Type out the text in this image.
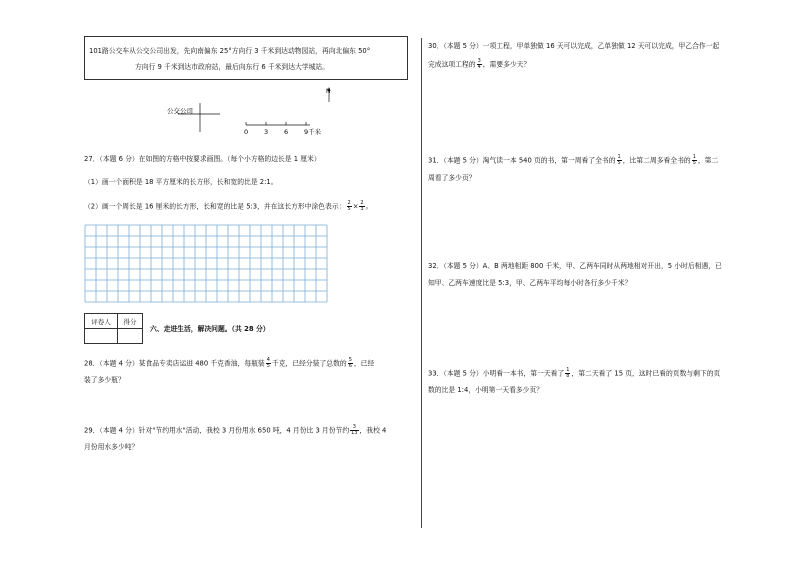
101路公交车从公交公司出发，先向南偏东 25°方向行 3 千米到达动物园站，再向北偏东 50°
方向行 9 千米到达市政府站，最后向东行 6 千米到达大学城站。
N
公交公司
0 3 6 9千米
27．（本题 6 分）在如图的方格中按要求画图。（每个小方格的边长是 1 厘米）
（1）画一个面积是 18 平方厘米的长方形，长和宽的比是 2:1。
（2）画一个周长是 16 厘米的长方形，长和宽的比是 5:3，并在这长方形中涂色表示： $\frac{2}{5} \times \frac{2}{3}$ 。
评卷人	得分

六、走进生活，解决问题。（共 28 分）
28．（本题 4 分）某食品专卖店运进 480 千克香油，每瓶装 $\frac{4}{5}$ 千克，已经分装了总数的 $\frac{5}{6}$ ，已经
装了多少瓶？
29．（本题 4 分）针对"节约用水"活动，我校 3 月份用水 650 吨，4 月份比 3 月份节约 $\frac{3}{13}$ ，我校 4
月份用水多少吨？
30．（本题 5 分）一项工程，甲单独做 16 天可以完成，乙单独做 12 天可以完成，甲乙合作一起
完成这项工程的 $\frac{3}{4}$ ，需要多少天？
31．（本题 5 分）淘气读一本 540 页的书，第一周看了全书的 $\frac{1}{5}$ ，比第二周多看全书的 $\frac{1}{5}$ ，第二
周看了多少页？
32．（本题 5 分）A、B 两地相距 800 千米，甲、乙两车同时从两地相对开出，5 小时后相遇，已
知甲、乙两车速度比是 5:3，甲、乙两车平均每小时各行多少千米？
33．（本题 5 分）小明看一本书，第一天看了 $\frac{1}{8}$ ，第二天看了 15 页，这时已看的页数与剩下的页
数的比是 1:4，小明第一天看多少页？
